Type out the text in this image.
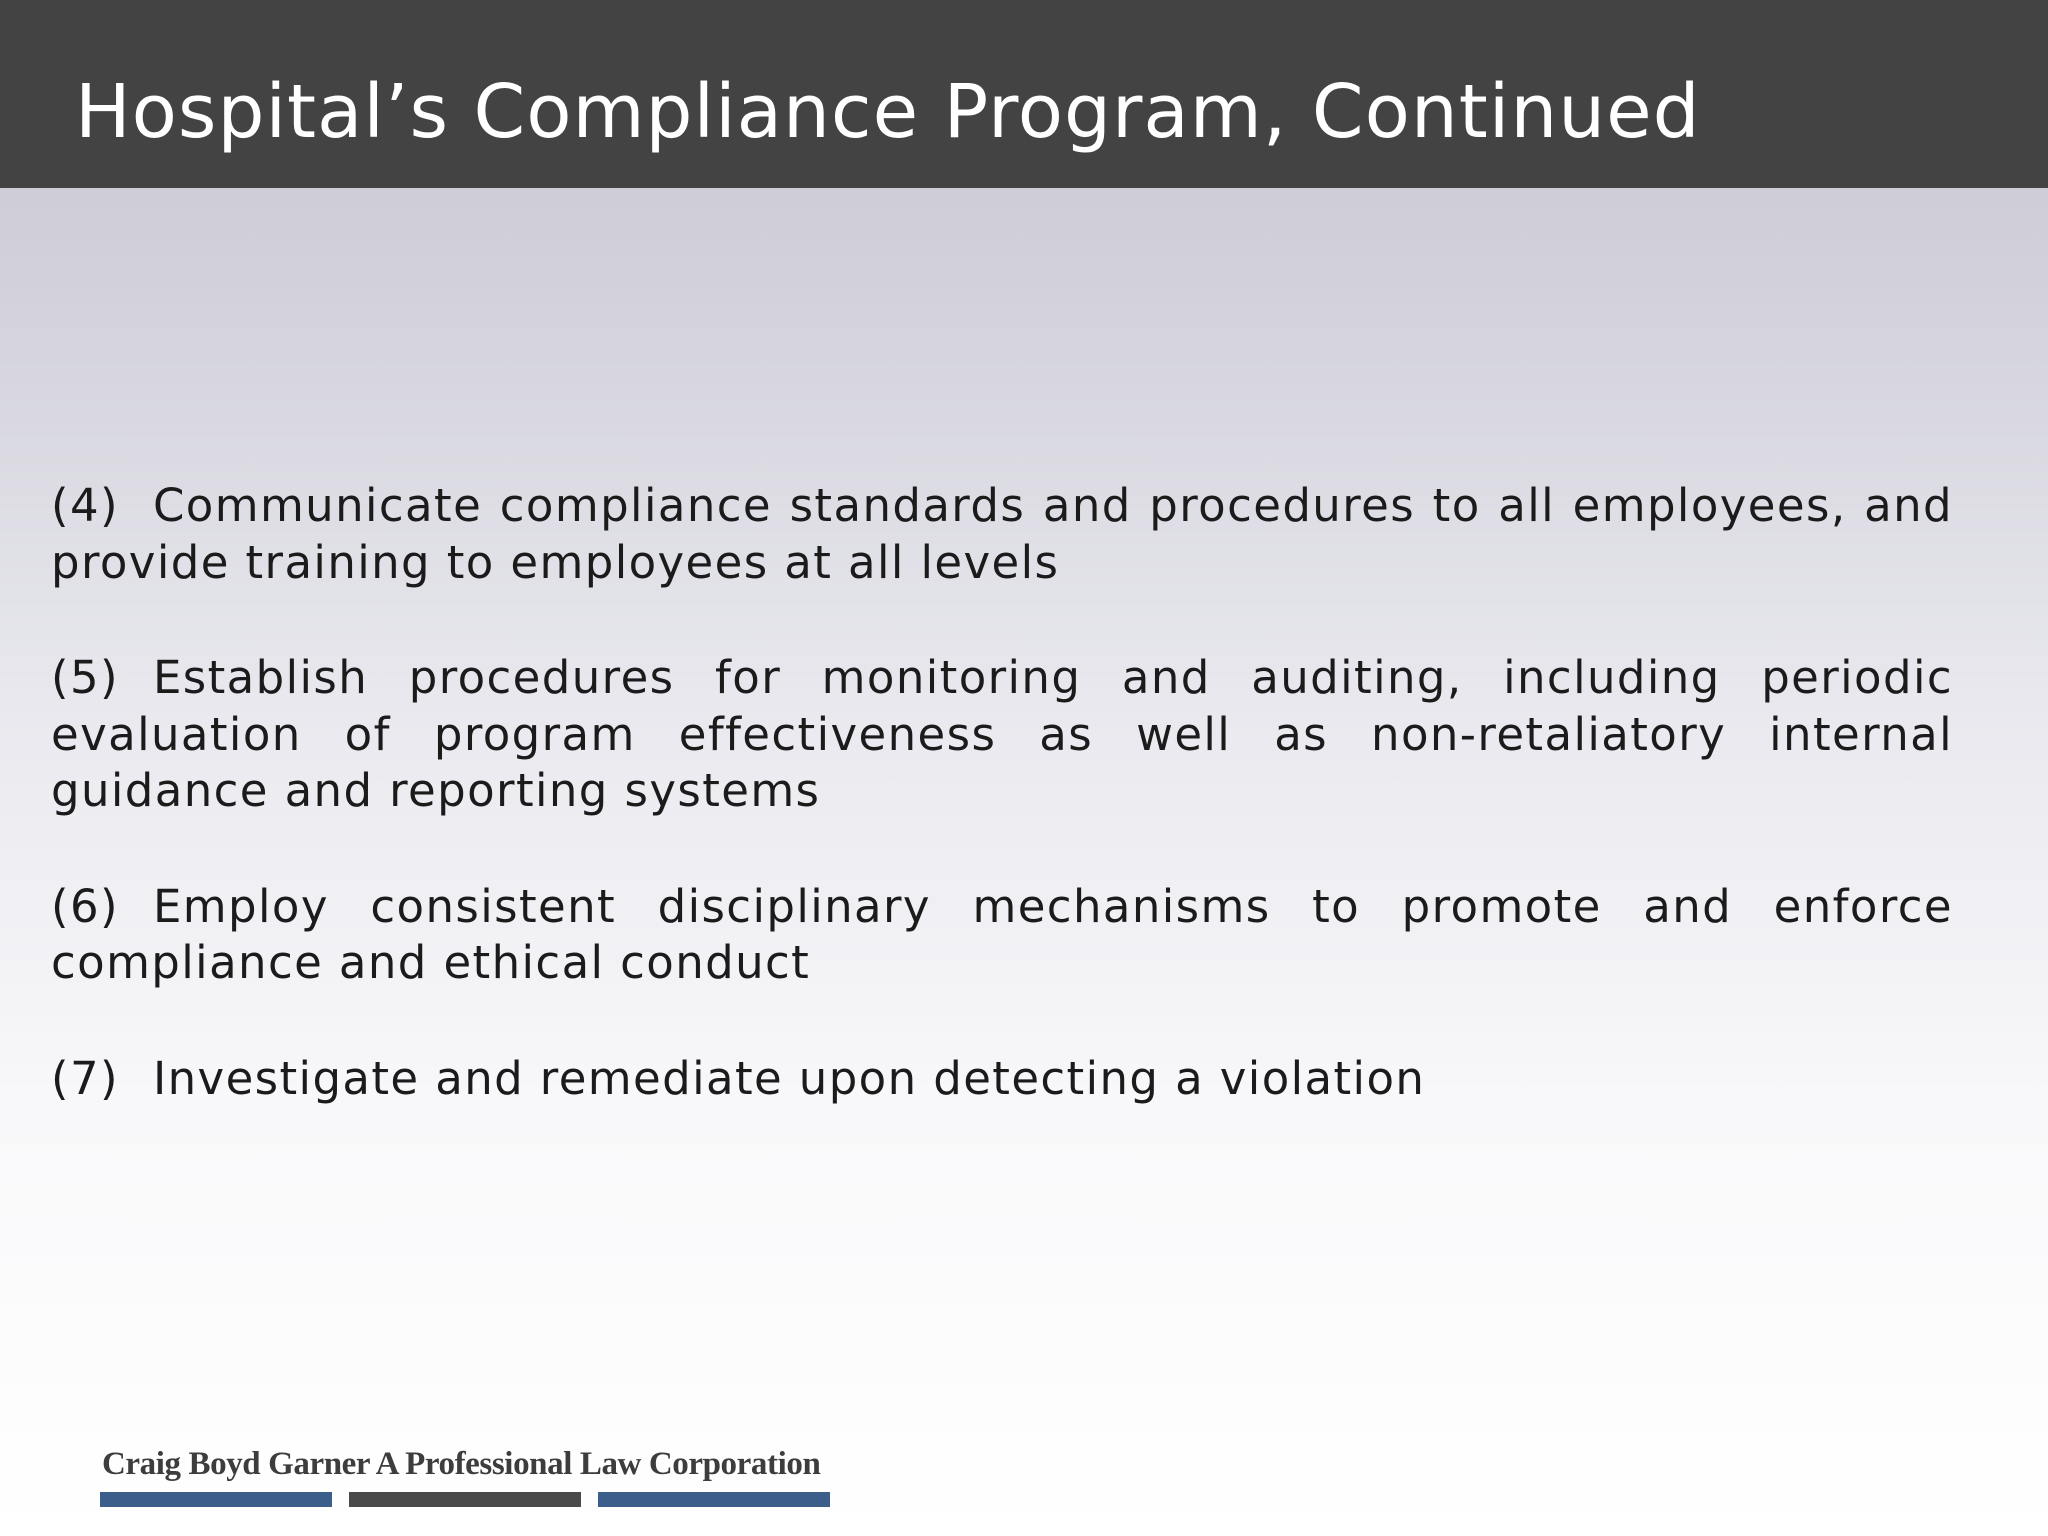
Hospital’s Compliance Program, Continued

(4) Communicate compliance standards and procedures to all employees, and provide training to employees at all levels

(5) Establish procedures for monitoring and auditing, including periodic evaluation of program effectiveness as well as non-retaliatory internal guidance and reporting systems

(6) Employ consistent disciplinary mechanisms to promote and enforce compliance and ethical conduct

(7) Investigate and remediate upon detecting a violation

Craig Boyd Garner A Professional Law Corporation
